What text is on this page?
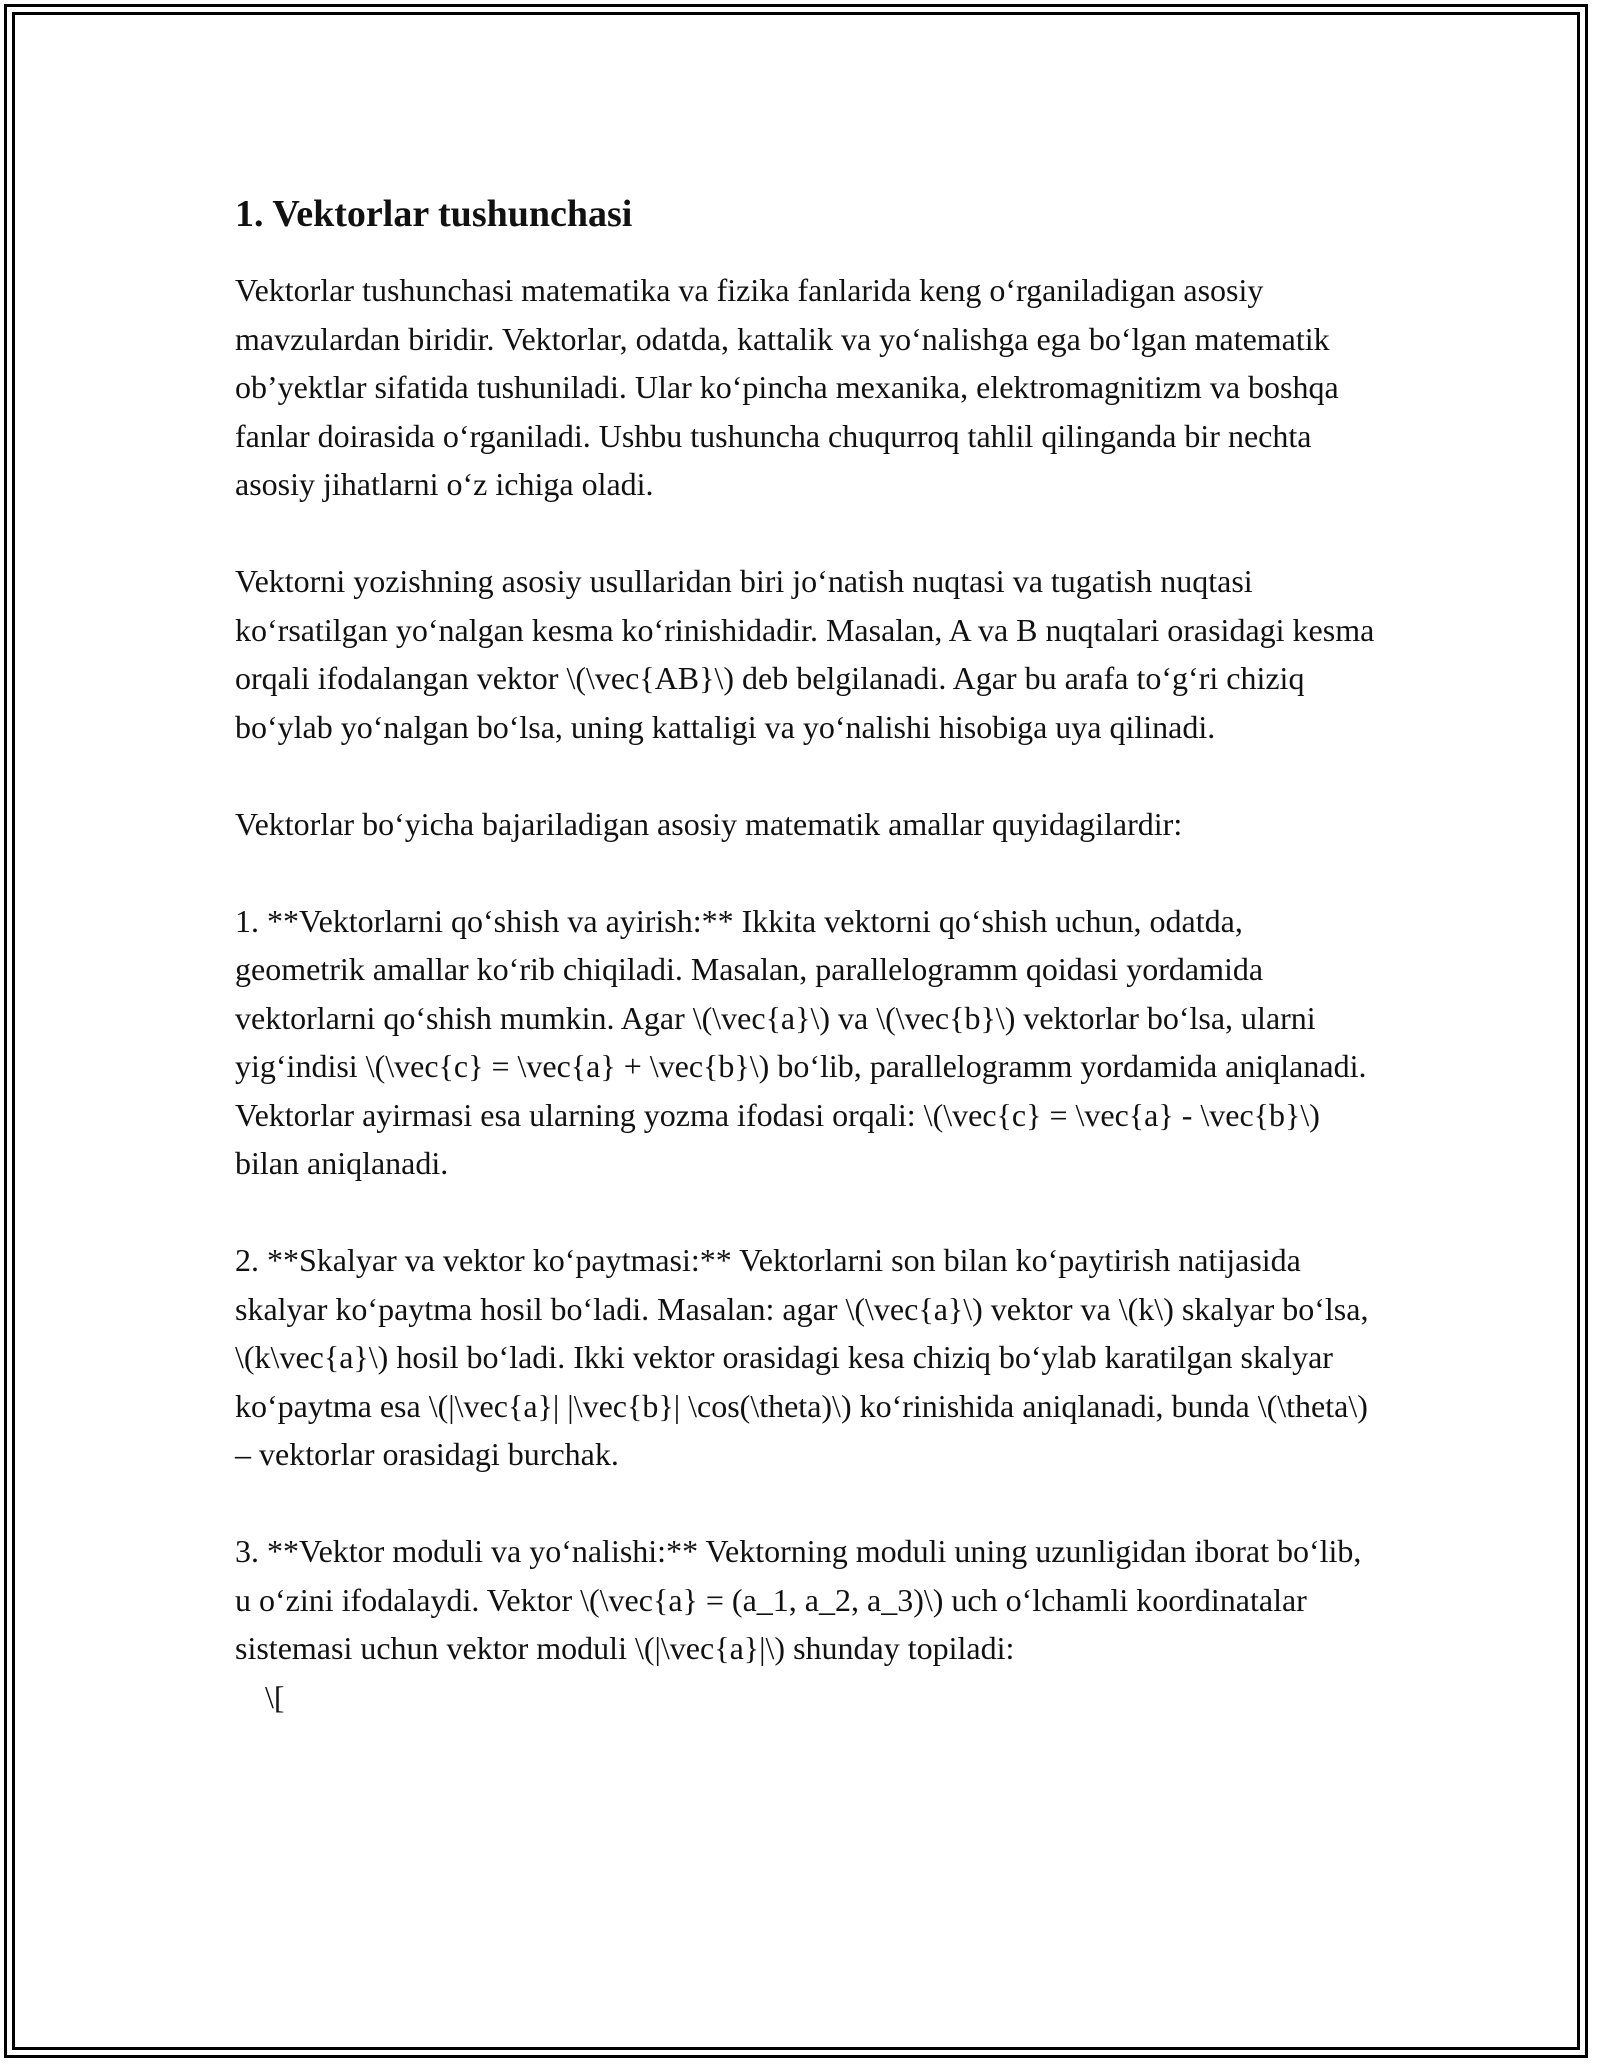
1. Vektorlar tushunchasi

Vektorlar tushunchasi matematika va fizika fanlarida keng o‘rganiladigan asosiy mavzulardan biridir. Vektorlar, odatda, kattalik va yo‘nalishga ega bo‘lgan matematik ob’yektlar sifatida tushuniladi. Ular ko‘pincha mexanika, elektromagnitizm va boshqa fanlar doirasida o‘rganiladi. Ushbu tushuncha chuqurroq tahlil qilinganda bir nechta asosiy jihatlarni o‘z ichiga oladi.

Vektorni yozishning asosiy usullaridan biri jo‘natish nuqtasi va tugatish nuqtasi ko‘rsatilgan yo‘nalgan kesma ko‘rinishidadir. Masalan, A va B nuqtalari orasidagi kesma orqali ifodalangan vektor \(\vec{AB}\) deb belgilanadi. Agar bu arafa to‘g‘ri chiziq bo‘ylab yo‘nalgan bo‘lsa, uning kattaligi va yo‘nalishi hisobiga uya qilinadi.

Vektorlar bo‘yicha bajariladigan asosiy matematik amallar quyidagilardir:

1. **Vektorlarni qo‘shish va ayirish:** Ikkita vektorni qo‘shish uchun, odatda, geometrik amallar ko‘rib chiqiladi. Masalan, parallelogramm qoidasi yordamida vektorlarni qo‘shish mumkin. Agar \(\vec{a}\) va \(\vec{b}\) vektorlar bo‘lsa, ularni yig‘indisi \(\vec{c} = \vec{a} + \vec{b}\) bo‘lib, parallelogramm yordamida aniqlanadi. Vektorlar ayirmasi esa ularning yozma ifodasi orqali: \(\vec{c} = \vec{a} - \vec{b}\) bilan aniqlanadi.

2. **Skalyar va vektor ko‘paytmasi:** Vektorlarni son bilan ko‘paytirish natijasida skalyar ko‘paytma hosil bo‘ladi. Masalan: agar \(\vec{a}\) vektor va \(k\) skalyar bo‘lsa, \(k\vec{a}\) hosil bo‘ladi. Ikki vektor orasidagi kesa chiziq bo‘ylab karatilgan skalyar ko‘paytma esa \(|\vec{a}| |\vec{b}| \cos(\theta)\) ko‘rinishida aniqlanadi, bunda \(\theta\) – vektorlar orasidagi burchak.

3. **Vektor moduli va yo‘nalishi:** Vektorning moduli uning uzunligidan iborat bo‘lib, u o‘zini ifodalaydi. Vektor \(\vec{a} = (a_1, a_2, a_3)\) uch o‘lchamli koordinatalar sistemasi uchun vektor moduli \(|\vec{a}|\) shunday topiladi:

\[
